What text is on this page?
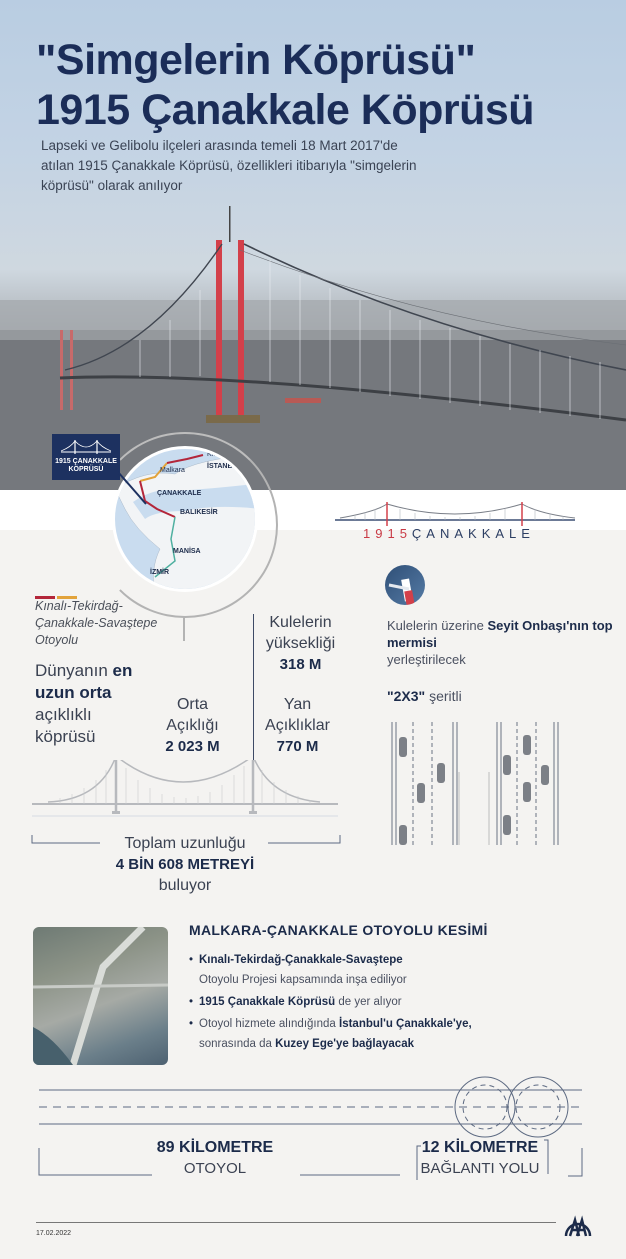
"Simgelerin Köprüsü"
1915 Çanakkale Köprüsü
Lapseki ve Gelibolu ilçeleri arasında temeli 18 Mart 2017'de atılan 1915 Çanakkale Köprüsü, özellikleri itibarıyla "simgelerin köprüsü" olarak anılıyor
1915ÇANAKKALE
Kınalı
İSTANBUL
Malkara
ÇANAKKALE
BALIKESİR
MANİSA
İZMİR
1915 ÇANAKKALE KÖPRÜSÜ
Kınalı-Tekirdağ-
Çanakkale-Savaştepe
Otoyolu
Dünyanın en
uzun orta
açıklıklı
köprüsü
Kulelerin
yüksekliği
318 M
Orta
Açıklığı
2 023 M
Yan
Açıklıklar
770 M
Toplam uzunluğu
4 BİN 608 METREYİ
buluyor
Kulelerin üzerine Seyit Onbaşı'nın top mermisi
yerleştirilecek
"2X3" şeritli
MALKARA-ÇANAKKALE OTOYOLU KESİMİ
• Kınalı-Tekirdağ-Çanakkale-Savaştepe
Otoyolu Projesi kapsamında inşa ediliyor
• 1915 Çanakkale Köprüsü de yer alıyor
• Otoyol hizmete alındığında İstanbul'u Çanakkale'ye,
sonrasında da Kuzey Ege'ye bağlayacak
89 KİLOMETRE
OTOYOL
12 KİLOMETRE
BAĞLANTI YOLU
17.02.2022
